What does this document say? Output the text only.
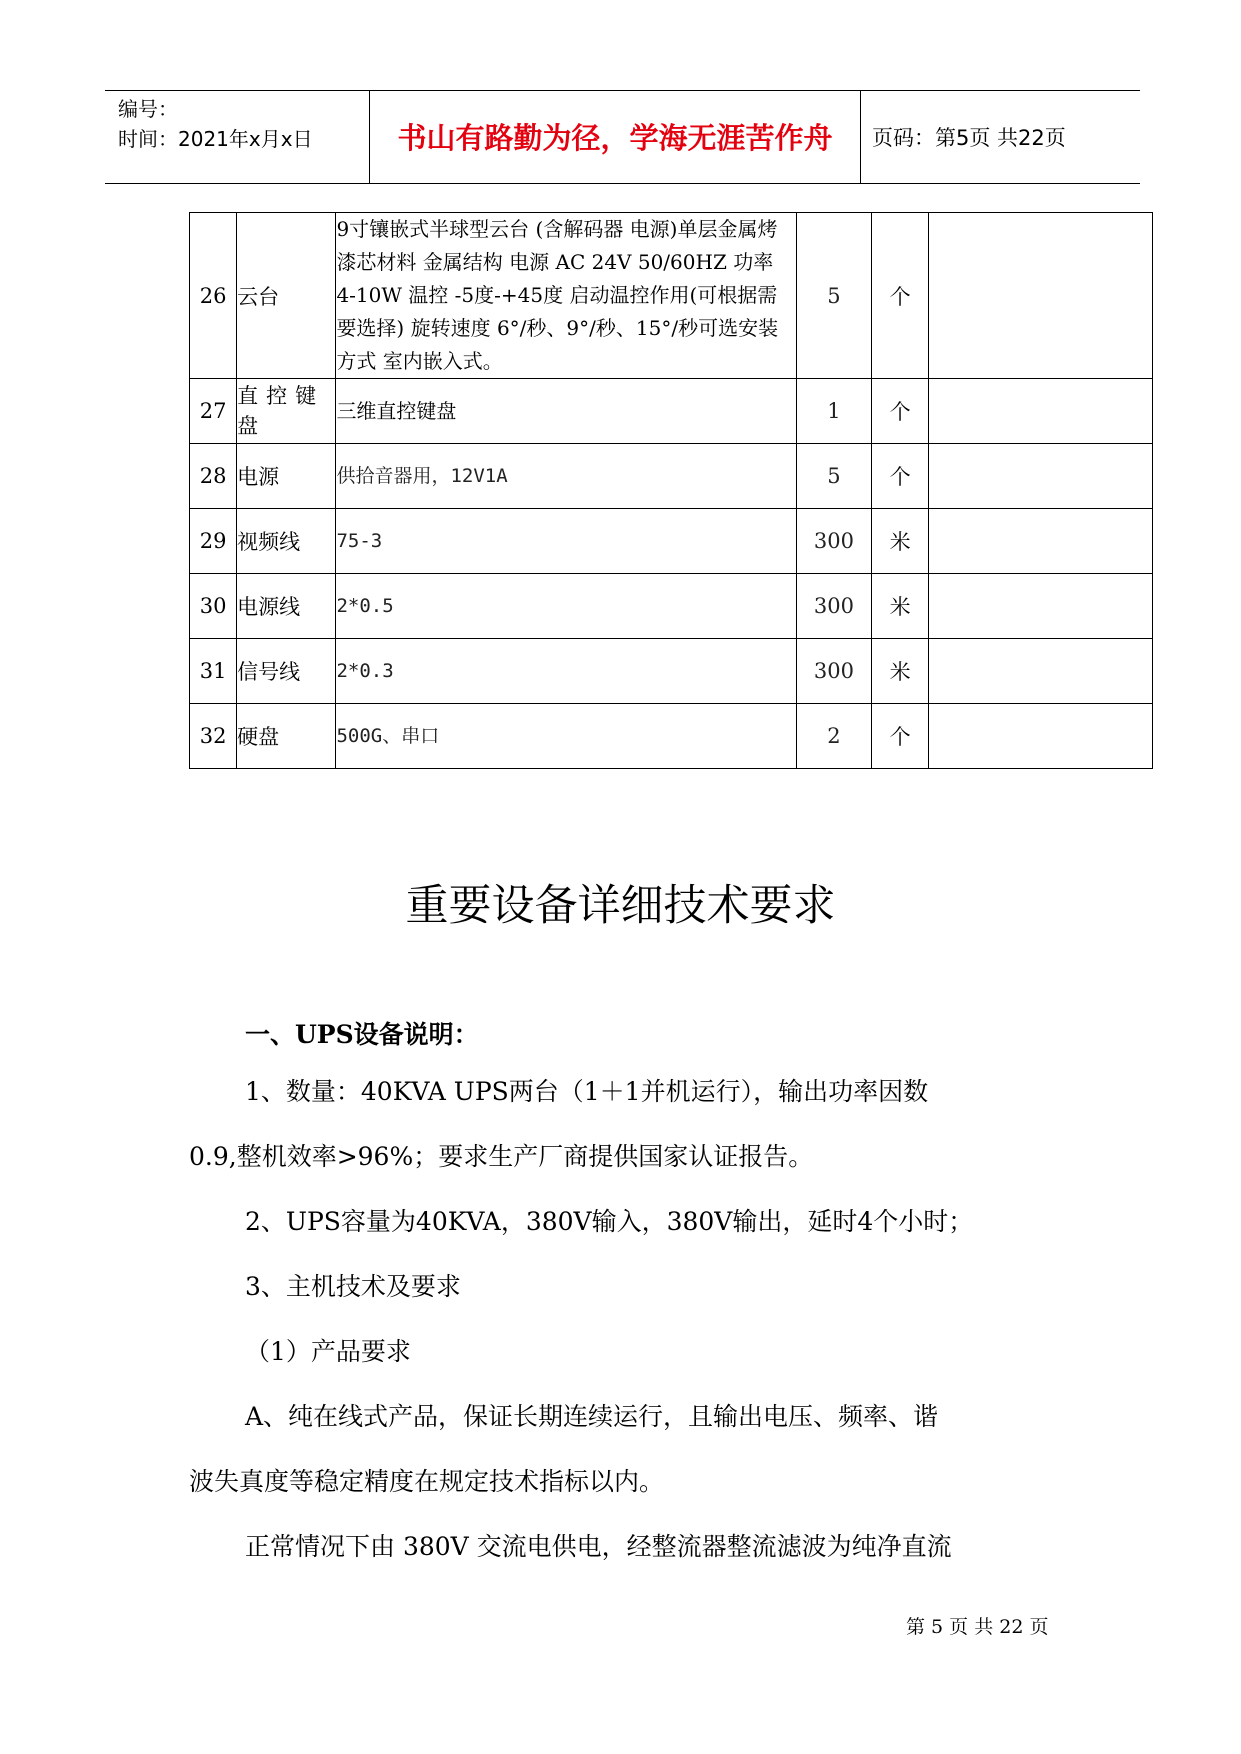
编号：
时间：2021年x月x日	书山有路勤为径，学海无涯苦作舟	页码：第5页 共22页
26	云台	9寸镶嵌式半球型云台 (含解码器 电源)单层金属烤漆芯材料 金属结构 电源 AC 24V 50/60HZ 功率 4-10W 温控 -5度-+45度 启动温控作用(可根据需要选择) 旋转速度 6°/秒、9°/秒、15°/秒可选安装方式 室内嵌入式。	5	个	
27	直控键盘	三维直控键盘	1	个	
28	电源	供拾音器用，12V1A	5	个	
29	视频线	75-3	300	米	
30	电源线	2*0.5	300	米	
31	信号线	2*0.3	300	米	
32	硬盘	500G、串口	2	个	
重要设备详细技术要求
一、UPS设备说明：
1、数量：40KVA UPS两台（1＋1并机运行），输出功率因数
0.9,整机效率>96%；要求生产厂商提供国家认证报告。
2、UPS容量为40KVA，380V输入，380V输出，延时4个小时；
3、主机技术及要求
（1）产品要求
A、纯在线式产品，保证长期连续运行，且输出电压、频率、谐
波失真度等稳定精度在规定技术指标以内。
正常情况下由 380V 交流电供电，经整流器整流滤波为纯净直流
第 5 页 共 22 页
